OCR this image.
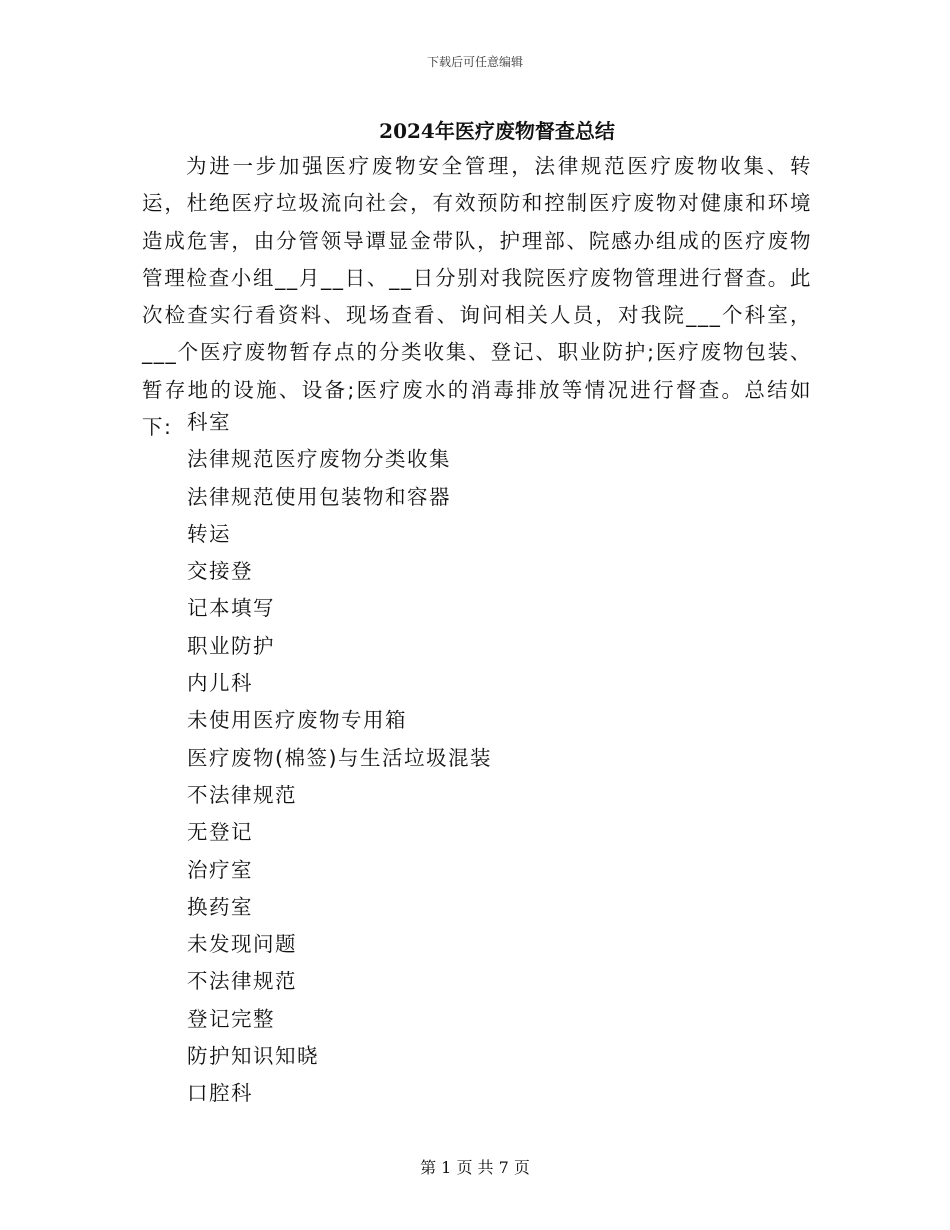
下载后可任意编辑
2024年医疗废物督查总结

为进一步加强医疗废物安全管理，法律规范医疗废物收集、转运，杜绝医疗垃圾流向社会，有效预防和控制医疗废物对健康和环境造成危害，由分管领导谭显金带队，护理部、院感办组成的医疗废物管理检查小组__月__日、__日分别对我院医疗废物管理进行督查。此次检查实行看资料、现场查看、询问相关人员，对我院___个科室，___个医疗废物暂存点的分类收集、登记、职业防护;医疗废物包装、暂存地的设施、设备;医疗废水的消毒排放等情况进行督查。总结如下: 科室
法律规范医疗废物分类收集
法律规范使用包装物和容器
转运
交接登
记本填写
职业防护
内儿科
未使用医疗废物专用箱
医疗废物(棉签)与生活垃圾混装
不法律规范
无登记
治疗室
换药室
未发现问题
不法律规范
登记完整
防护知识知晓
口腔科
第 1 页 共 7 页
